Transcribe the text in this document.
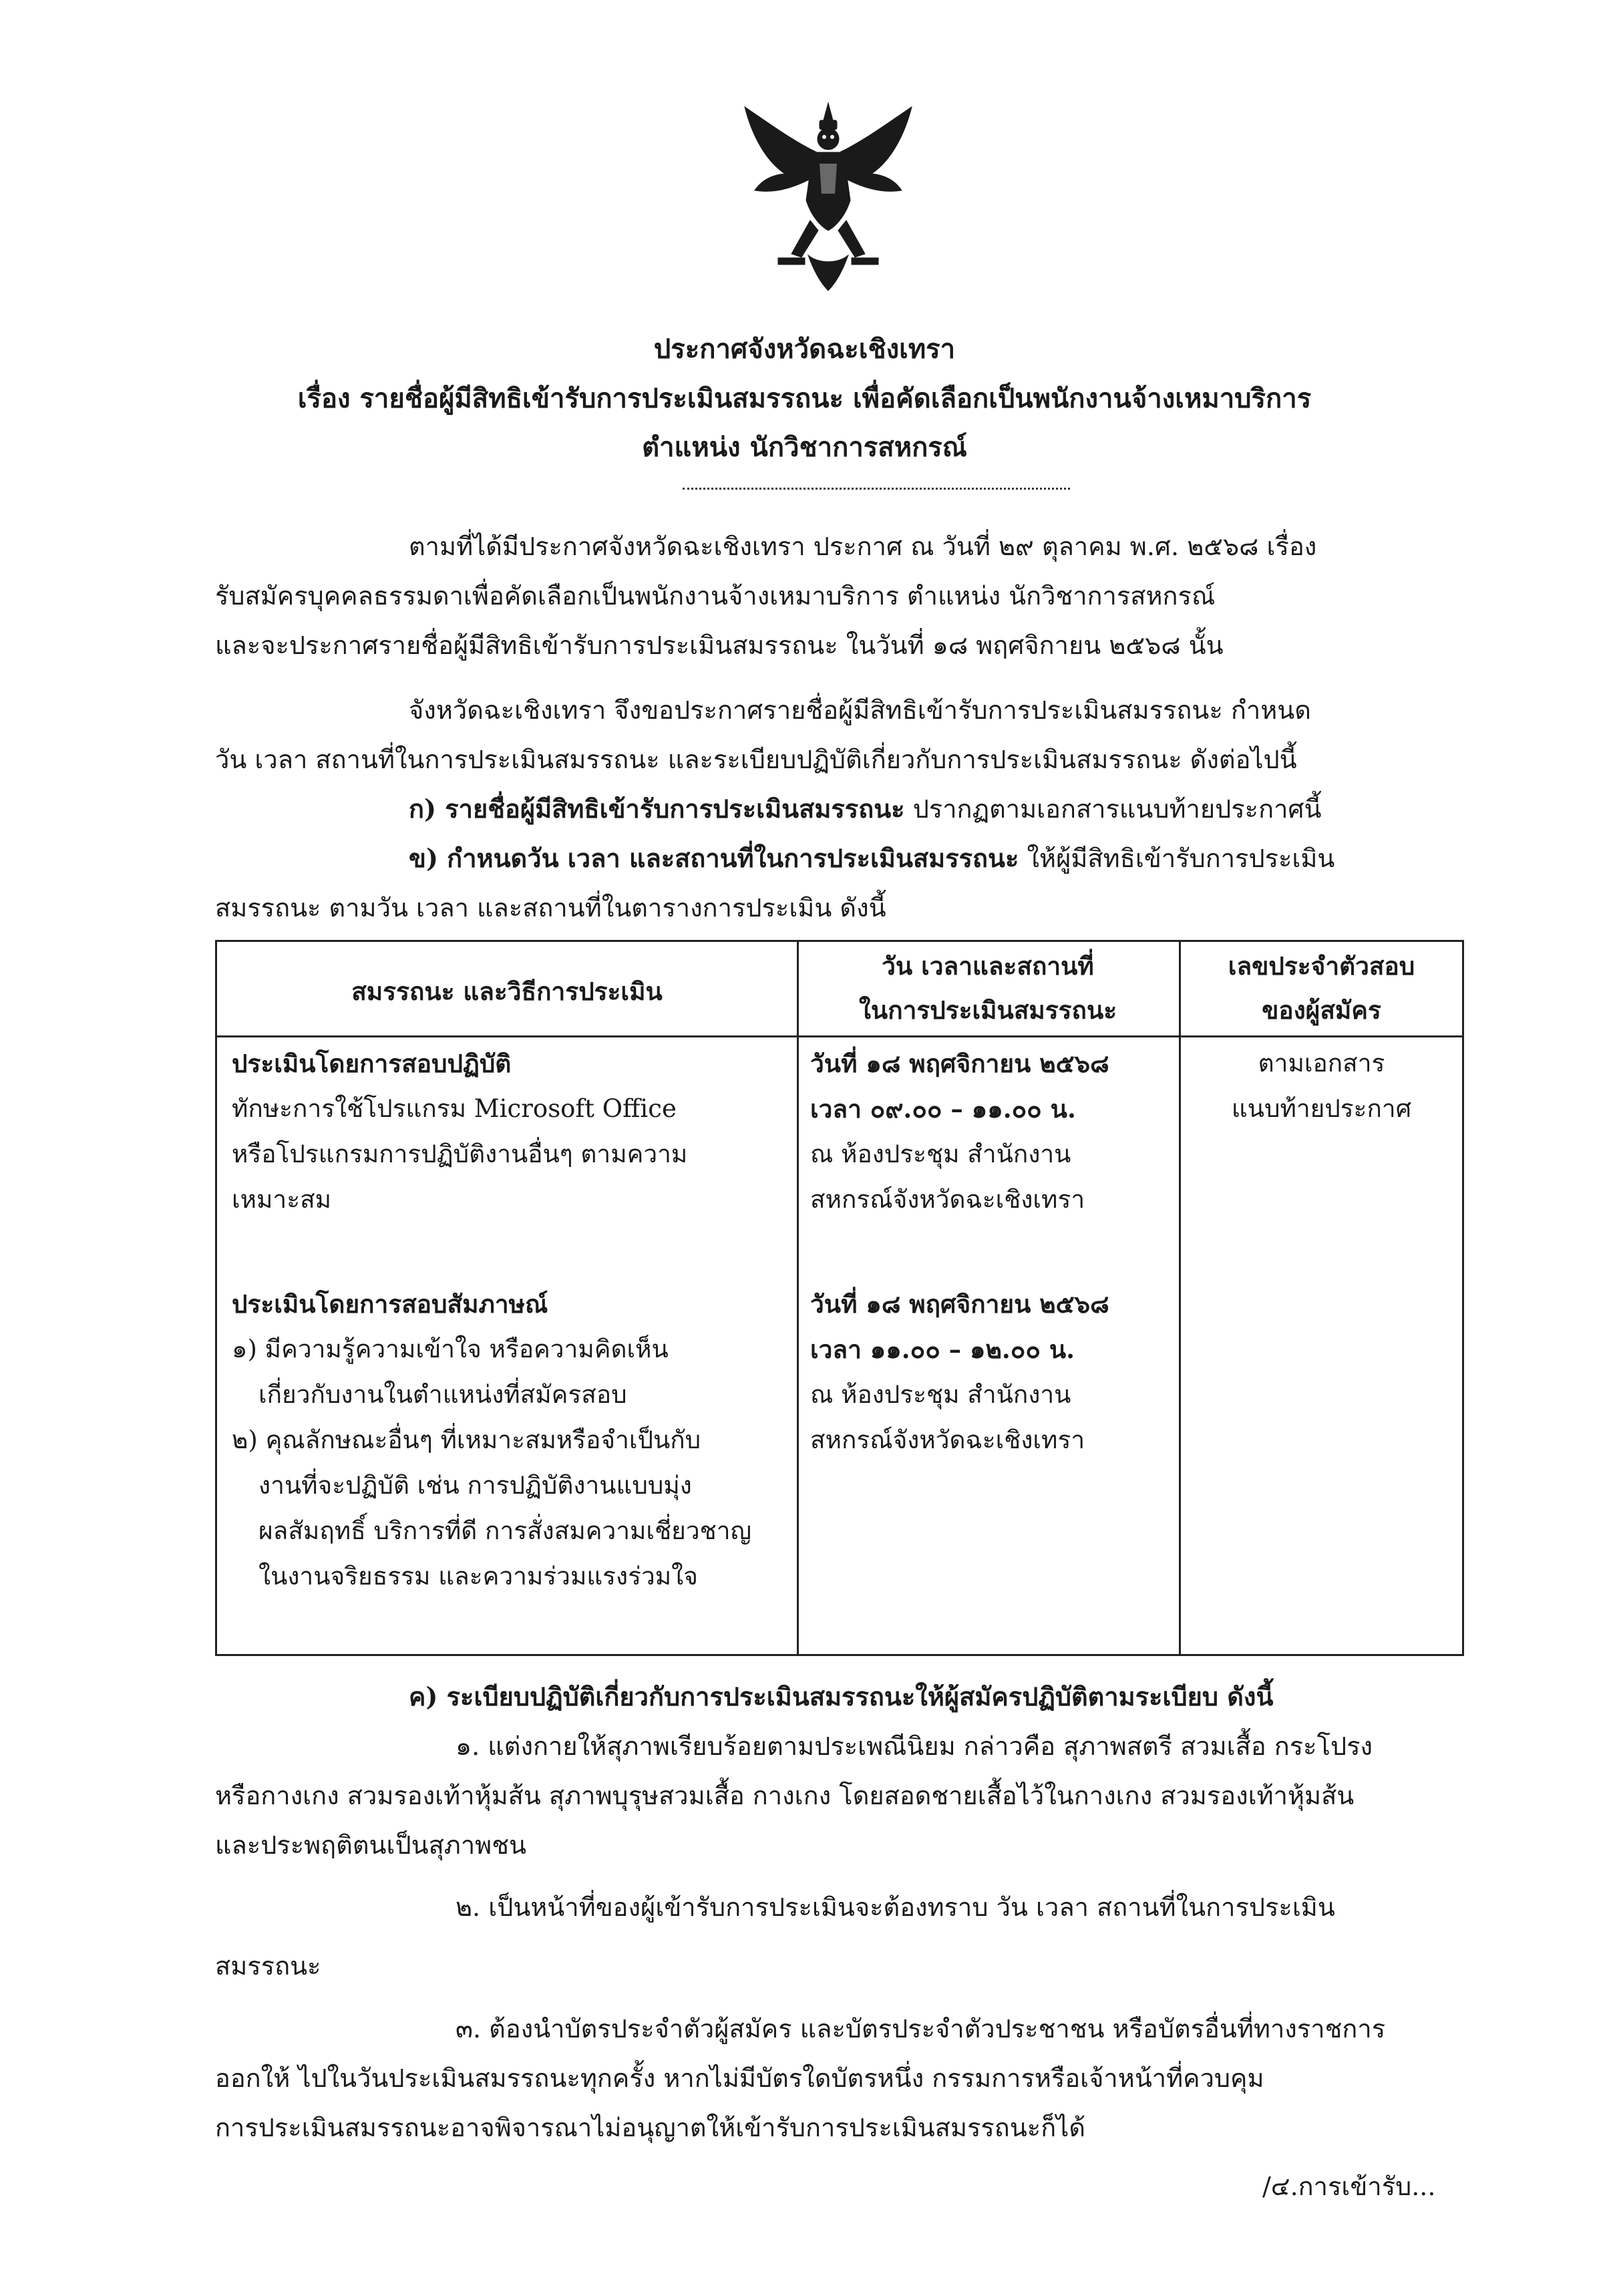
ประกาศจังหวัดฉะเชิงเทรา
เรื่อง รายชื่อผู้มีสิทธิเข้ารับการประเมินสมรรถนะ เพื่อคัดเลือกเป็นพนักงานจ้างเหมาบริการ
ตำแหน่ง นักวิชาการสหกรณ์
ตามที่ได้มีประกาศจังหวัดฉะเชิงเทรา ประกาศ ณ วันที่ ๒๙ ตุลาคม พ.ศ. ๒๕๖๘ เรื่อง
รับสมัครบุคคลธรรมดาเพื่อคัดเลือกเป็นพนักงานจ้างเหมาบริการ ตำแหน่ง นักวิชาการสหกรณ์
และจะประกาศรายชื่อผู้มีสิทธิเข้ารับการประเมินสมรรถนะ ในวันที่ ๑๘ พฤศจิกายน ๒๕๖๘ นั้น
จังหวัดฉะเชิงเทรา จึงขอประกาศรายชื่อผู้มีสิทธิเข้ารับการประเมินสมรรถนะ กำหนด
วัน เวลา สถานที่ในการประเมินสมรรถนะ และระเบียบปฏิบัติเกี่ยวกับการประเมินสมรรถนะ ดังต่อไปนี้
ก) รายชื่อผู้มีสิทธิเข้ารับการประเมินสมรรถนะ ปรากฏตามเอกสารแนบท้ายประกาศนี้
ข) กำหนดวัน เวลา และสถานที่ในการประเมินสมรรถนะ ให้ผู้มีสิทธิเข้ารับการประเมิน
สมรรถนะ ตามวัน เวลา และสถานที่ในตารางการประเมิน ดังนี้
สมรรถนะ และวิธีการประเมิน
วัน เวลาและสถานที่
ในการประเมินสมรรถนะ
เลขประจำตัวสอบ
ของผู้สมัคร
ประเมินโดยการสอบปฏิบัติ
ทักษะการใช้โปรแกรม Microsoft Office
หรือโปรแกรมการปฏิบัติงานอื่นๆ ตามความ
เหมาะสม
วันที่ ๑๘ พฤศจิกายน ๒๕๖๘
เวลา ๐๙.๐๐ – ๑๑.๐๐ น.
ณ ห้องประชุม สำนักงาน
สหกรณ์จังหวัดฉะเชิงเทรา
ตามเอกสาร
แนบท้ายประกาศ
ประเมินโดยการสอบสัมภาษณ์
๑) มีความรู้ความเข้าใจ หรือความคิดเห็น
เกี่ยวกับงานในตำแหน่งที่สมัครสอบ
๒) คุณลักษณะอื่นๆ ที่เหมาะสมหรือจำเป็นกับ
งานที่จะปฏิบัติ เช่น การปฏิบัติงานแบบมุ่ง
ผลสัมฤทธิ์ บริการที่ดี การสั่งสมความเชี่ยวชาญ
ในงานจริยธรรม และความร่วมแรงร่วมใจ
วันที่ ๑๘ พฤศจิกายน ๒๕๖๘
เวลา ๑๑.๐๐ – ๑๒.๐๐ น.
ณ ห้องประชุม สำนักงาน
สหกรณ์จังหวัดฉะเชิงเทรา
ค) ระเบียบปฏิบัติเกี่ยวกับการประเมินสมรรถนะให้ผู้สมัครปฏิบัติตามระเบียบ ดังนี้
๑. แต่งกายให้สุภาพเรียบร้อยตามประเพณีนิยม กล่าวคือ สุภาพสตรี สวมเสื้อ กระโปรง
หรือกางเกง สวมรองเท้าหุ้มส้น สุภาพบุรุษสวมเสื้อ กางเกง โดยสอดชายเสื้อไว้ในกางเกง สวมรองเท้าหุ้มส้น
และประพฤติตนเป็นสุภาพชน
๒. เป็นหน้าที่ของผู้เข้ารับการประเมินจะต้องทราบ วัน เวลา สถานที่ในการประเมิน
สมรรถนะ
๓. ต้องนำบัตรประจำตัวผู้สมัคร และบัตรประจำตัวประชาชน หรือบัตรอื่นที่ทางราชการ
ออกให้ ไปในวันประเมินสมรรถนะทุกครั้ง หากไม่มีบัตรใดบัตรหนึ่ง กรรมการหรือเจ้าหน้าที่ควบคุม
การประเมินสมรรถนะอาจพิจารณาไม่อนุญาตให้เข้ารับการประเมินสมรรถนะก็ได้
/๔.การเข้ารับ...
